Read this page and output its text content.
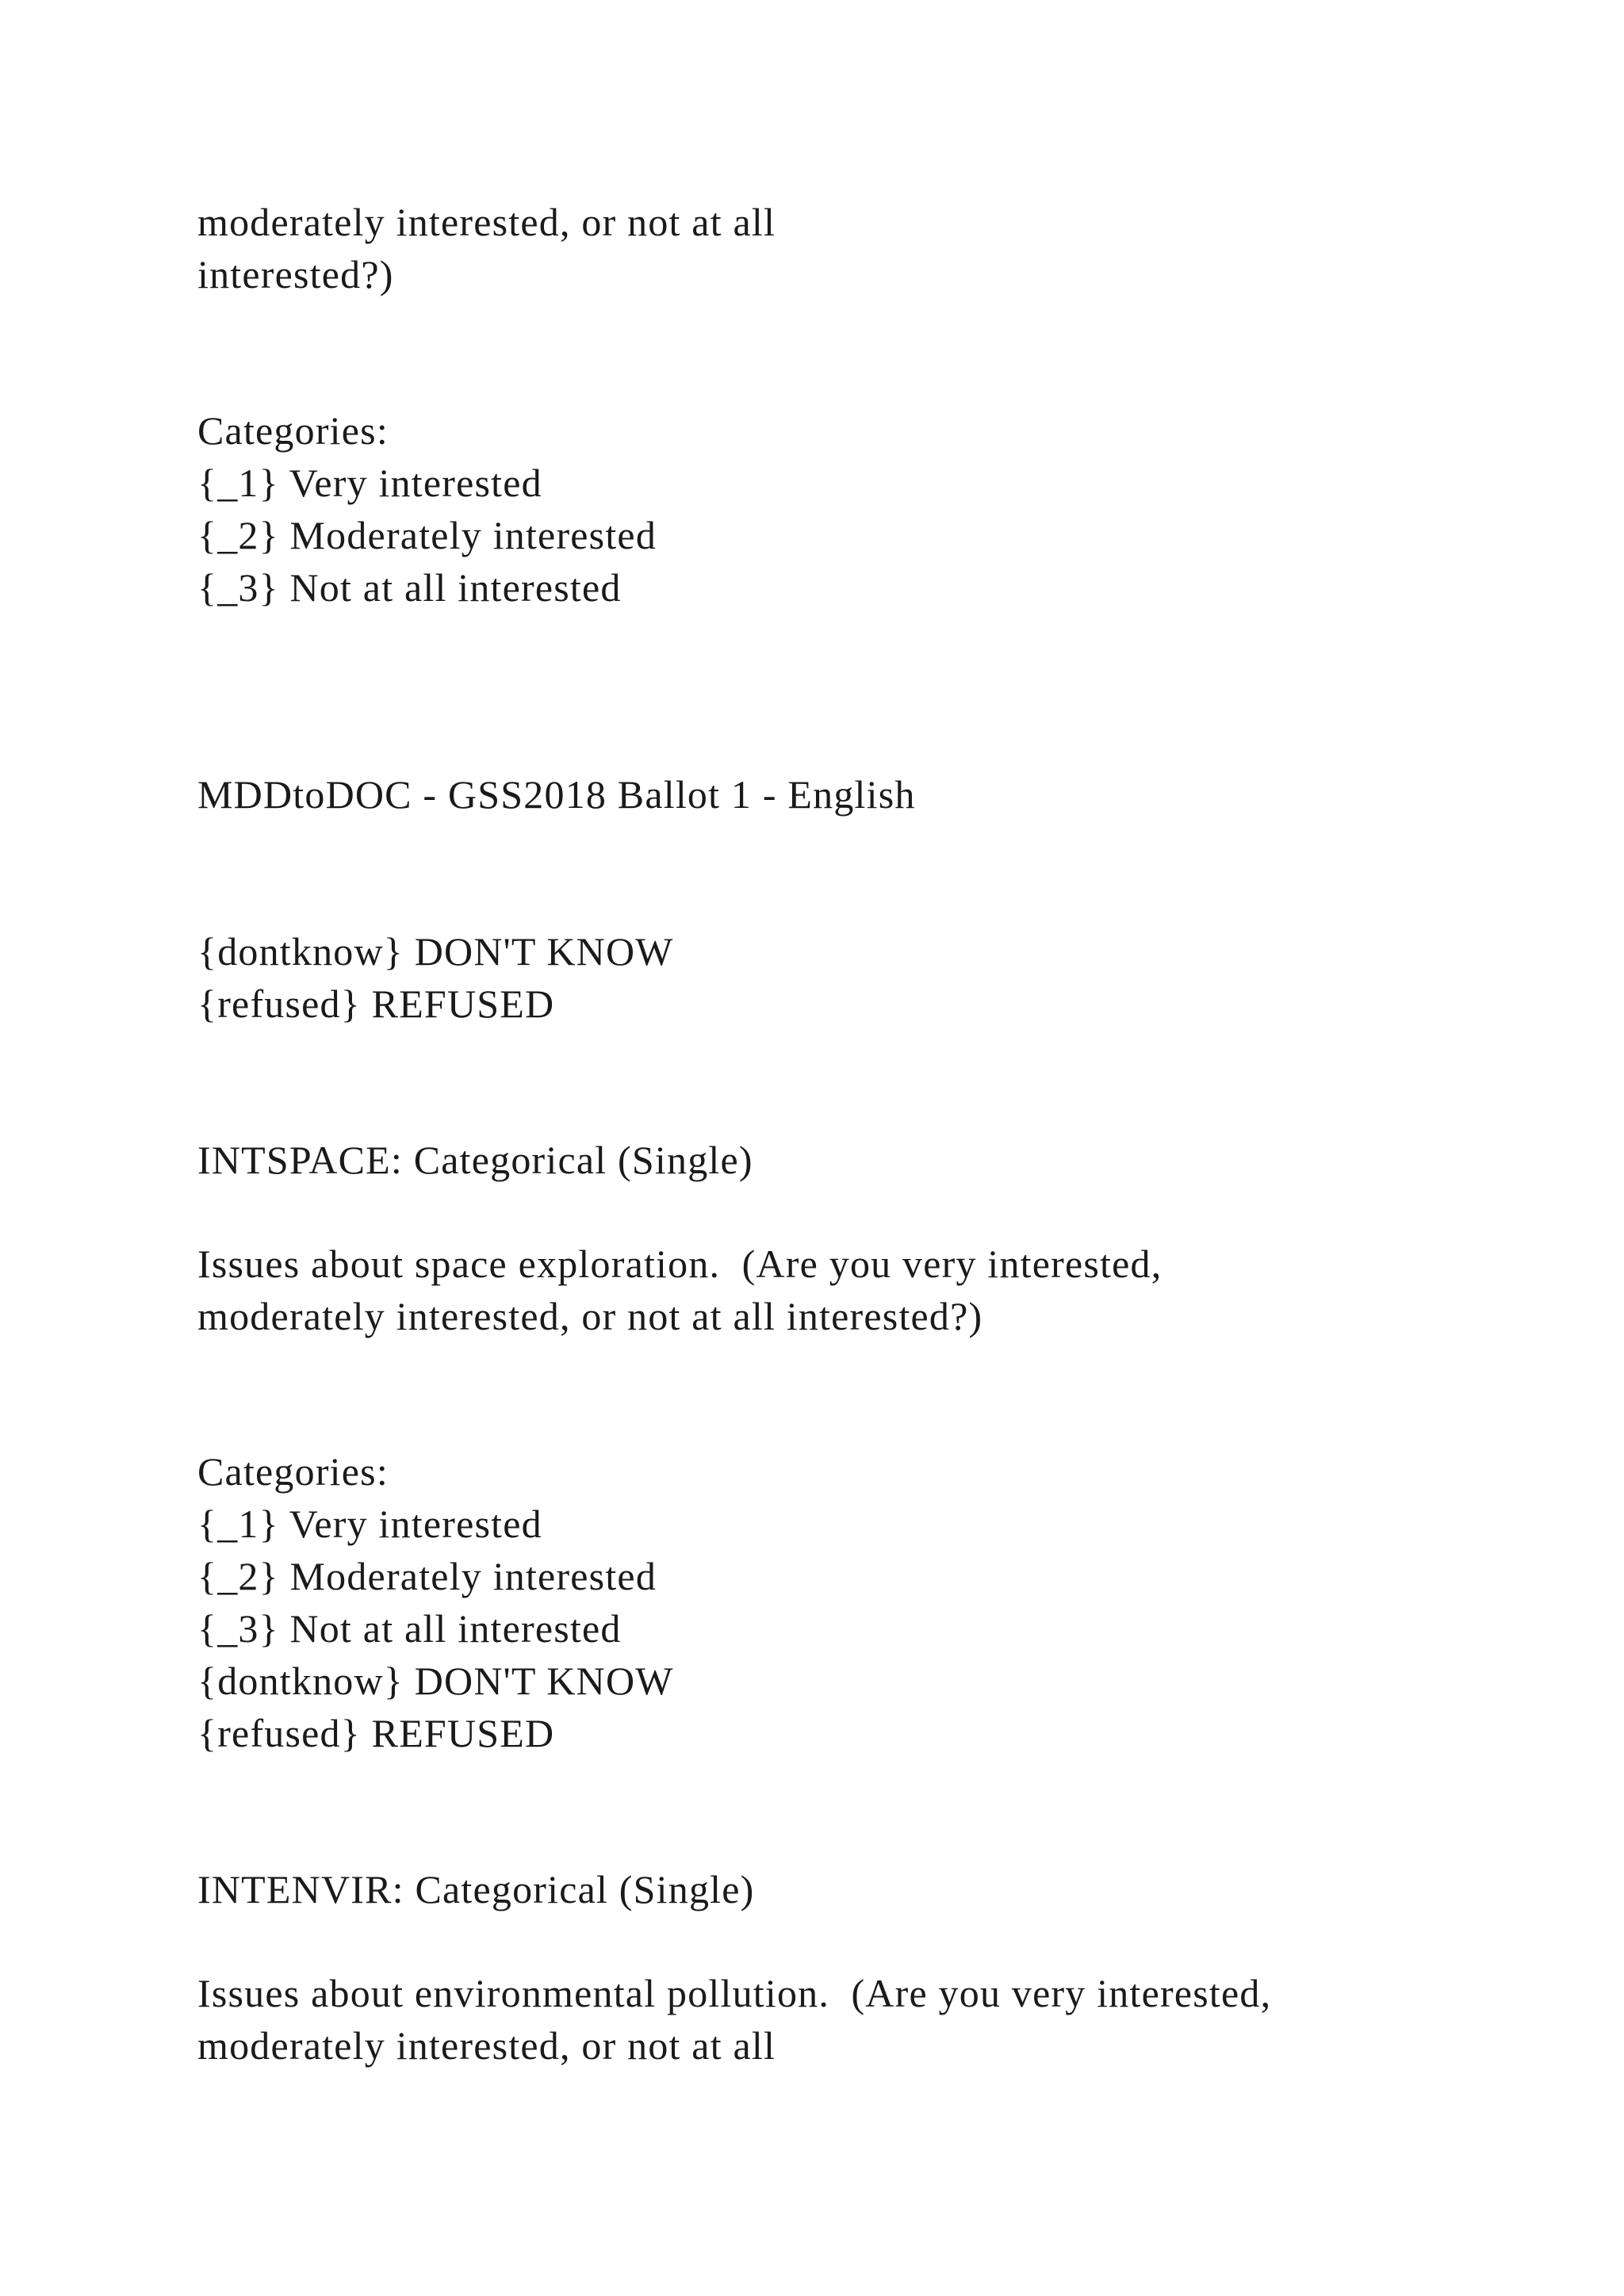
moderately interested, or not at all
interested?)
Categories:
{_1} Very interested
{_2} Moderately interested
{_3} Not at all interested
MDDtoDOC - GSS2018 Ballot 1 - English
{dontknow} DON'T KNOW
{refused} REFUSED
INTSPACE: Categorical (Single)
Issues about space exploration.  (Are you very interested,
moderately interested, or not at all interested?)
Categories:
{_1} Very interested
{_2} Moderately interested
{_3} Not at all interested
{dontknow} DON'T KNOW
{refused} REFUSED
INTENVIR: Categorical (Single)
Issues about environmental pollution.  (Are you very interested,
moderately interested, or not at all
